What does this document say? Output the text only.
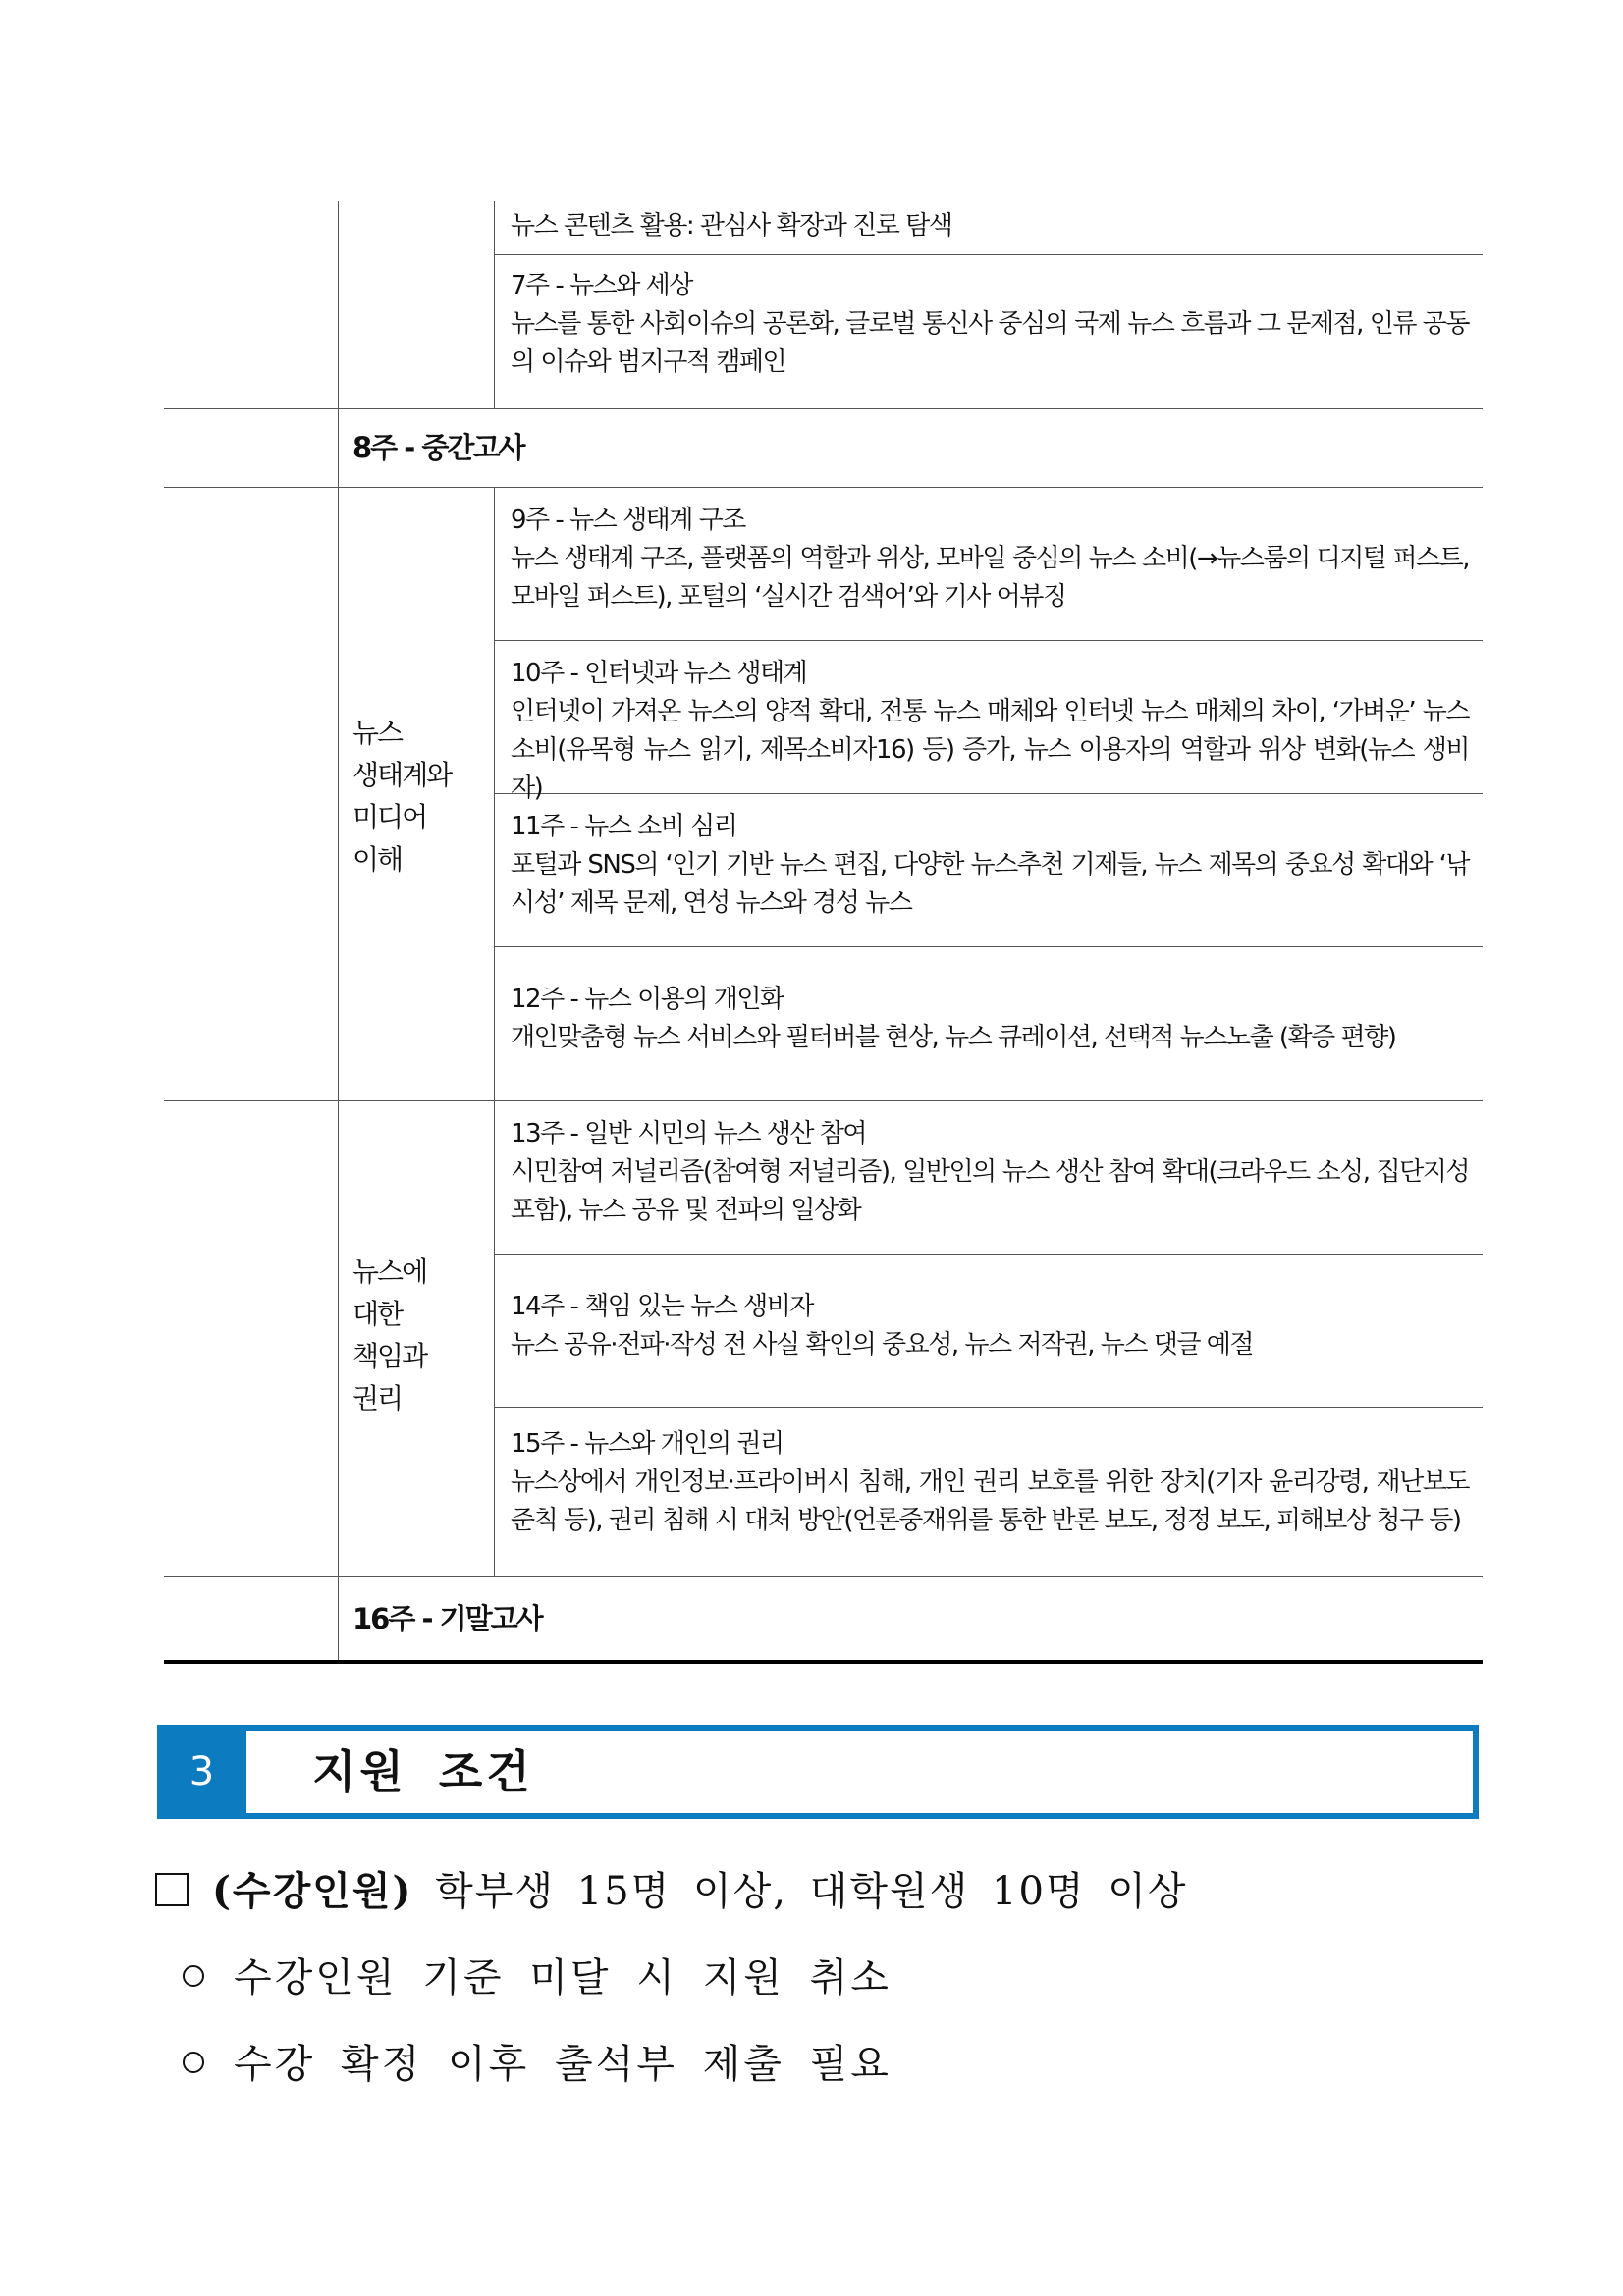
뉴스 콘텐츠 활용: 관심사 확장과 진로 탐색
7주 - 뉴스와 세상
뉴스를 통한 사회이슈의 공론화, 글로벌 통신사 중심의 국제 뉴스 흐름과 그 문제점, 인류 공동의 이슈와 범지구적 캠페인
8주 - 중간고사
뉴스
생태계와
미디어
이해
9주 - 뉴스 생태계 구조
뉴스 생태계 구조, 플랫폼의 역할과 위상, 모바일 중심의 뉴스 소비(→뉴스룸의 디지털 퍼스트, 모바일 퍼스트), 포털의 ‘실시간 검색어’와 기사 어뷰징
10주 - 인터넷과 뉴스 생태계
인터넷이 가져온 뉴스의 양적 확대, 전통 뉴스 매체와 인터넷 뉴스 매체의 차이, ‘가벼운’ 뉴스 소비(유목형 뉴스 읽기, 제목소비자16) 등) 증가, 뉴스 이용자의 역할과 위상 변화(뉴스 생비자)
11주 - 뉴스 소비 심리
포털과 SNS의 ‘인기 기반 뉴스 편집, 다양한 뉴스추천 기제들, 뉴스 제목의 중요성 확대와 ‘낚시성’ 제목 문제, 연성 뉴스와 경성 뉴스
12주 - 뉴스 이용의 개인화
개인맞춤형 뉴스 서비스와 필터버블 현상, 뉴스 큐레이션, 선택적 뉴스노출 (확증 편향)
뉴스에
대한
책임과
권리
13주 - 일반 시민의 뉴스 생산 참여
시민참여 저널리즘(참여형 저널리즘), 일반인의 뉴스 생산 참여 확대(크라우드 소싱, 집단지성 포함), 뉴스 공유 및 전파의 일상화
14주 - 책임 있는 뉴스 생비자
뉴스 공유·전파·작성 전 사실 확인의 중요성, 뉴스 저작권, 뉴스 댓글 예절
15주 - 뉴스와 개인의 권리
뉴스상에서 개인정보·프라이버시 침해, 개인 권리 보호를 위한 장치(기자 윤리강령, 재난보도준칙 등), 권리 침해 시 대처 방안(언론중재위를 통한 반론 보도, 정정 보도, 피해보상 청구 등)
16주 - 기말고사
3	지원 조건
(수강인원) 학부생 15명 이상, 대학원생 10명 이상
수강인원 기준 미달 시 지원 취소
수강 확정 이후 출석부 제출 필요
